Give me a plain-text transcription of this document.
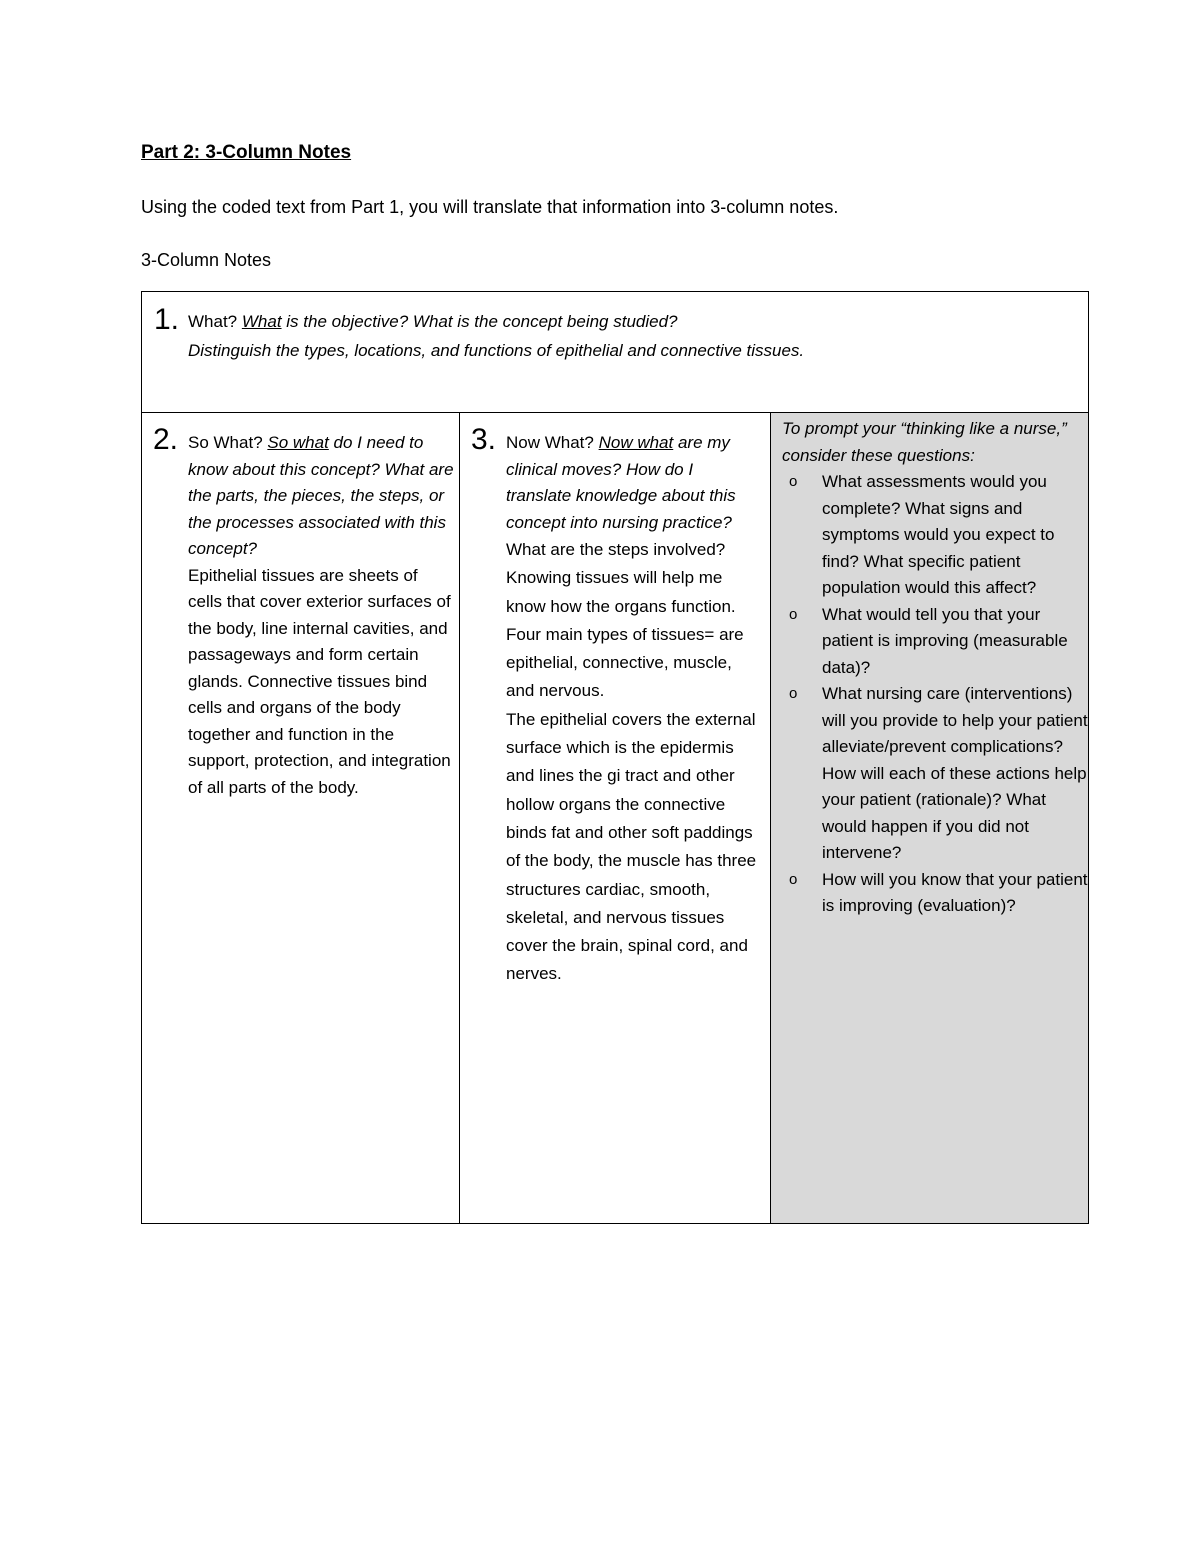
Part 2: 3-Column Notes

Using the coded text from Part 1, you will translate that information into 3-column notes.

3-Column Notes

1. What? What is the objective? What is the concept being studied?

Distinguish the types, locations, and functions of epithelial and connective tissues.

2. So What? So what do I need to know about this concept? What are the parts, the pieces, the steps, or the processes associated with this concept?
Epithelial tissues are sheets of cells that cover exterior surfaces of the body, line internal cavities, and passageways and form certain glands. Connective tissues bind cells and organs of the body together and function in the support, protection, and integration of all parts of the body.

3. Now What? Now what are my clinical moves? How do I translate knowledge about this concept into nursing practice?
What are the steps involved? Knowing tissues will help me know how the organs function.
Four main types of tissues= are epithelial, connective, muscle, and nervous.
The epithelial covers the external surface which is the epidermis and lines the gi tract and other hollow organs the connective binds fat and other soft paddings of the body, the muscle has three structures cardiac, smooth, skeletal, and nervous tissues cover the brain, spinal cord, and nerves.

To prompt your “thinking like a nurse,” consider these questions:

o What assessments would you complete? What signs and symptoms would you expect to find? What specific patient population would this affect?
o What would tell you that your patient is improving (measurable data)?
o What nursing care (interventions) will you provide to help your patient alleviate/prevent complications? How will each of these actions help your patient (rationale)? What would happen if you did not intervene?
o How will you know that your patient is improving (evaluation)?
